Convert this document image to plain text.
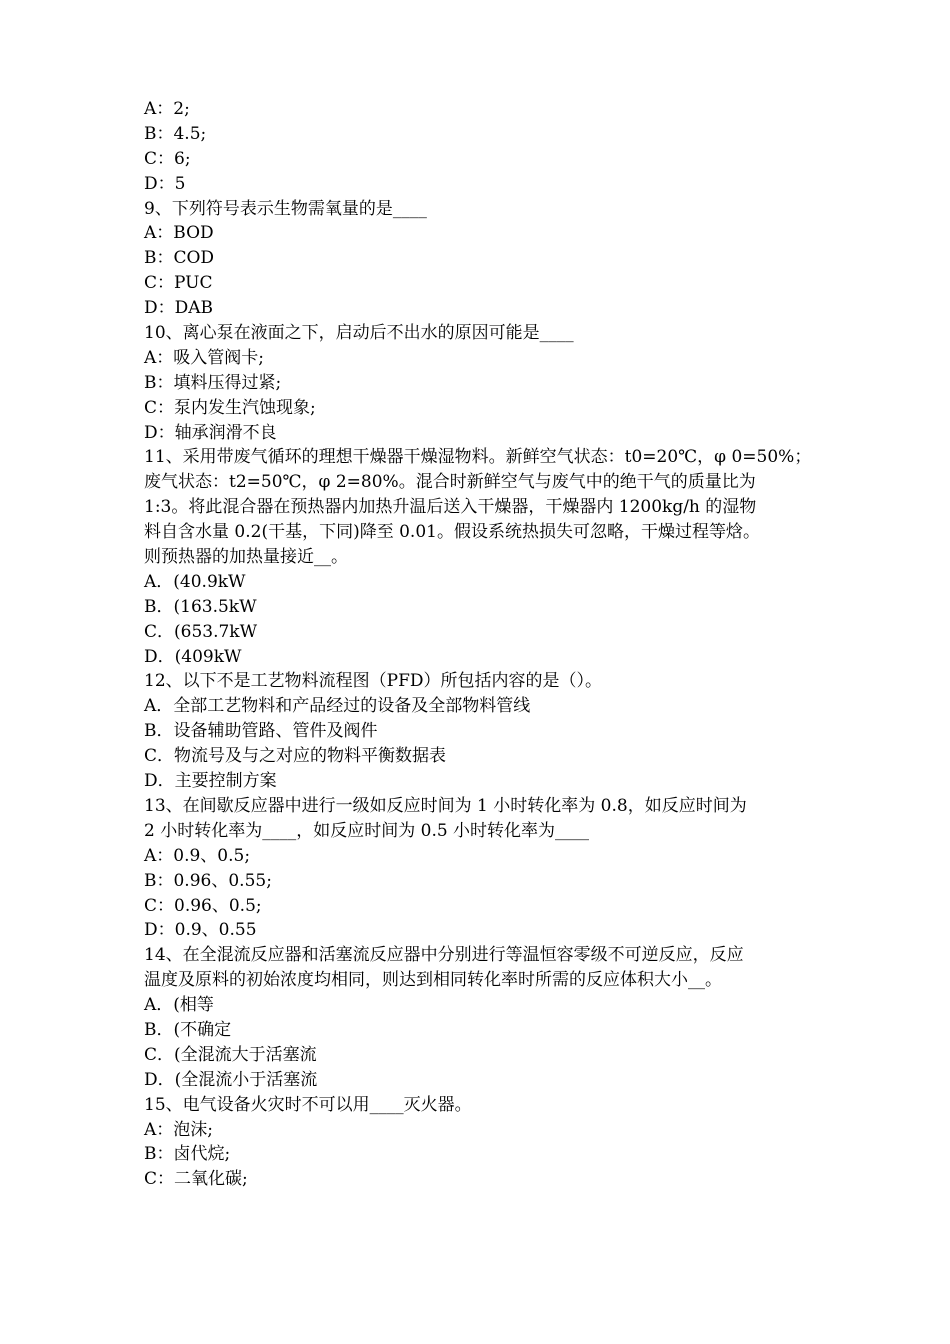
A：2;
B：4.5;
C：6;
D：5
9、下列符号表示生物需氧量的是____
A：BOD
B：COD
C：PUC
D：DAB
10、离心泵在液面之下，启动后不出水的原因可能是____
A：吸入管阀卡;
B：填料压得过紧;
C：泵内发生汽蚀现象;
D：轴承润滑不良
11、采用带废气循环的理想干燥器干燥湿物料。新鲜空气状态：t0=20℃，φ 0=50%；
废气状态：t2=50℃，φ 2=80%。混合时新鲜空气与废气中的绝干气的质量比为
1:3。将此混合器在预热器内加热升温后送入干燥器，干燥器内 1200kg/h 的湿物
料自含水量 0.2(干基，下同)降至 0.01。假设系统热损失可忽略，干燥过程等焓。
则预热器的加热量接近__。
A．(40.9kW
B．(163.5kW
C．(653.7kW
D．(409kW
12、以下不是工艺物料流程图（PFD）所包括内容的是（）。
A．全部工艺物料和产品经过的设备及全部物料管线
B．设备辅助管路、管件及阀件
C．物流号及与之对应的物料平衡数据表
D．主要控制方案
13、在间歇反应器中进行一级如反应时间为 1 小时转化率为 0.8，如反应时间为
2 小时转化率为____，如反应时间为 0.5 小时转化率为____
A：0.9、0.5;
B：0.96、0.55;
C：0.96、0.5;
D：0.9、0.55
14、在全混流反应器和活塞流反应器中分别进行等温恒容零级不可逆反应，反应
温度及原料的初始浓度均相同，则达到相同转化率时所需的反应体积大小__。
A．(相等
B．(不确定
C．(全混流大于活塞流
D．(全混流小于活塞流
15、电气设备火灾时不可以用____灭火器。
A：泡沫;
B：卤代烷;
C：二氧化碳;
